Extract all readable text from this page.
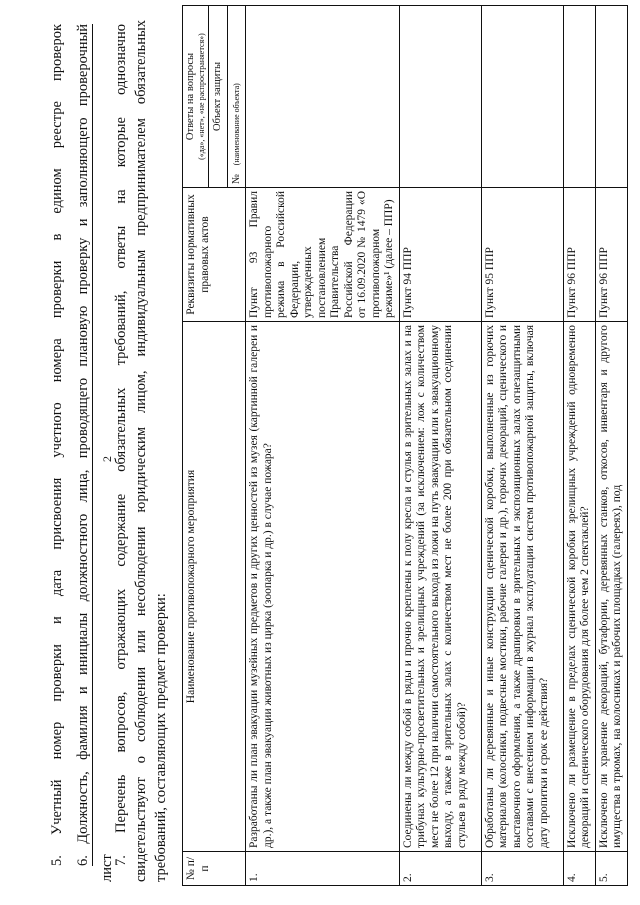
2
5. Учетный номер проверки и дата присвоения учетного номера проверки в едином реестре проверок 6. Должность, фамилия и инициалы должностного лица, проводящего плановую проверку и заполняющего проверочный
лист
7. Перечень вопросов, отражающих содержание обязательных требований, ответы на которые однозначно свидетельствуют о соблюдении или несоблюдении юридическим лицом, индивидуальным предпринимателем обязательных требований, составляющих предмет проверки: № п/п	Наименование противопожарного мероприятия	Реквизиты нормативных правовых актов	Ответы на вопросы («да», «нет», «не распространяется»)

			Объект защиты

			№ (наименование объекта)
1.	Разработаны ли план эвакуации музейных предметов и других ценностей из музея (картинной галереи и др.), а также план эвакуации животных из цирка (зоопарка и др.) в случае пожара?	Пункт 93 Правил противопожарного режима в Российской Федерации, утвержденных постановлением Правительства Российской Федерации от 16.09.2020 № 1479 «О противопожарном режиме»¹ (далее – ППР)	
2.	Соединены ли между собой в ряды и прочно креплены к полу кресла и стулья в зрительных залах и на трибунах культурно-просветительных и зрелищных учреждений (за исключением: лож с количеством мест не более 12 при наличии самостоятельного выхода из ложи на путь эвакуации или к эвакуационному выходу, а также в зрительных залах с количеством мест не более 200 при обязательном соединении стульев в ряду между собой)?	Пункт 94 ППР	
3.	Обработаны ли деревянные и иные конструкции сценической коробки, выполненные из горючих материалов (колосники, подвесные мостики, рабочие галереи и др.), горючих декораций, сценического и выставочного оформления, а также драпировки в зрительных и экспозиционных залах огнезащитными составами с внесением информации в журнал эксплуатации систем противопожарной защиты, включая дату пропитки и срок ее действия?	Пункт 95 ППР	
4.	Исключено ли размещение в пределах сценической коробки зрелищных учреждений одновременно декораций и сценического оборудования для более чем 2 спектаклей?	Пункт 96 ППР	
5.	Исключено ли хранение декораций, бутафории, деревянных станков, откосов, инвентаря и другого имущества в трюмах, на колосниках и рабочих площадках (галереях), под	Пункт 96 ППР	
